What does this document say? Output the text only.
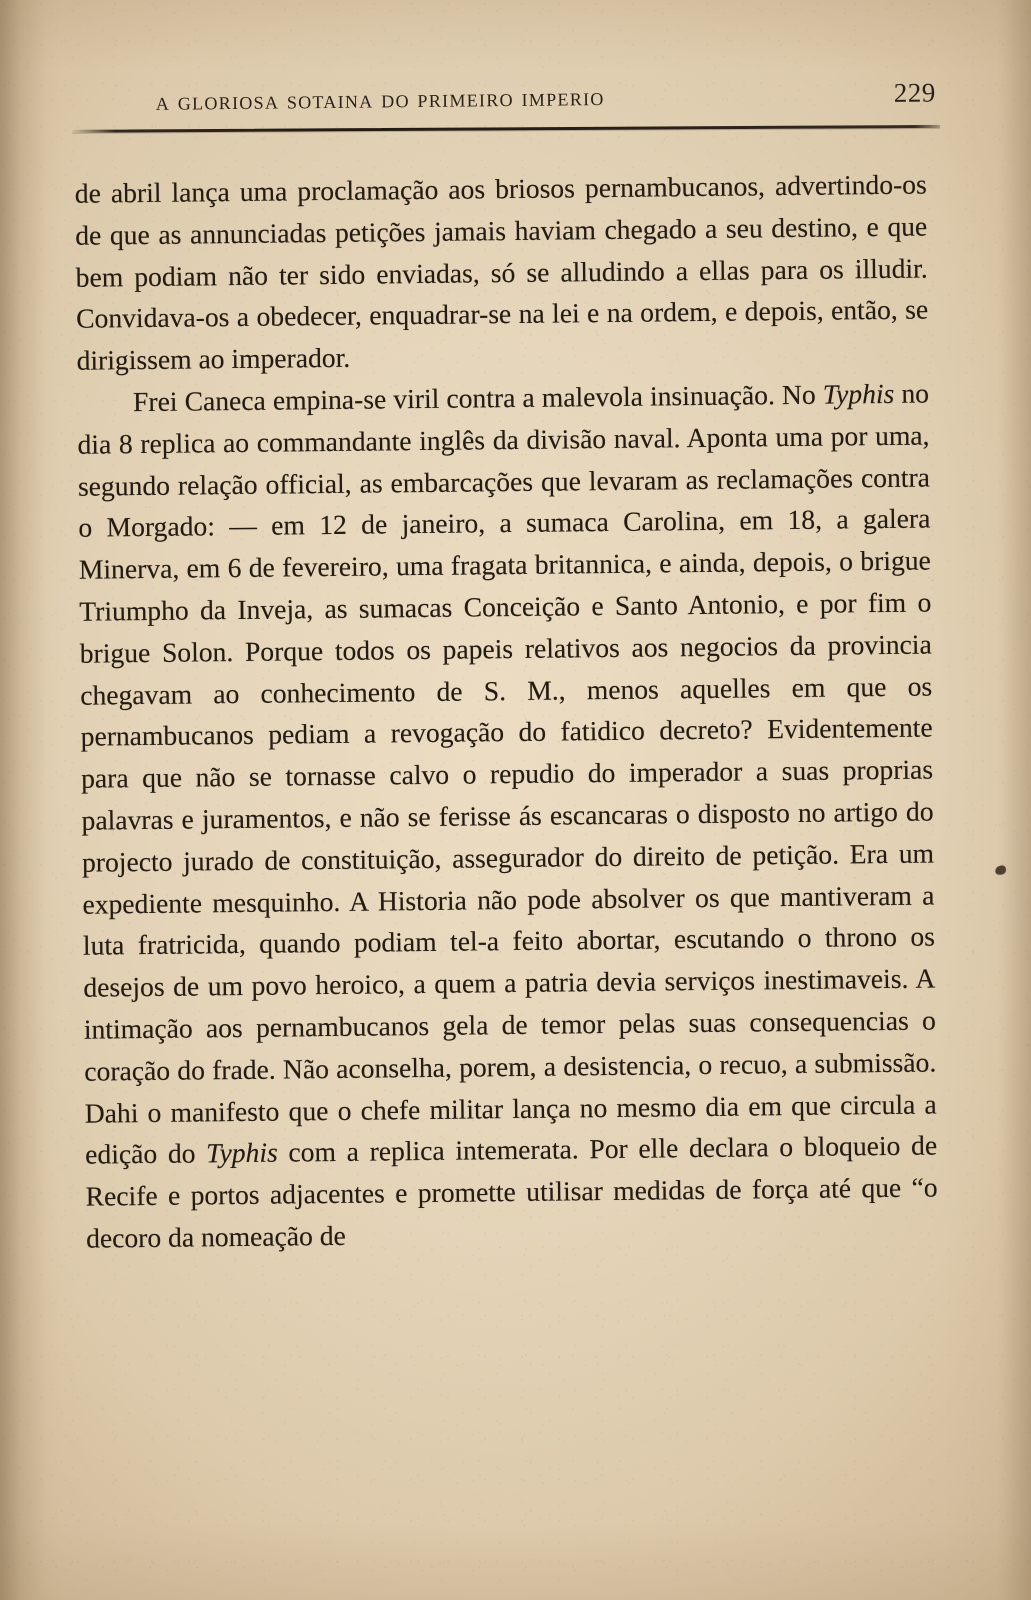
a gloriosa sotaina do primeiro imperio	229

de abril lança uma proclamação aos briosos pernambucanos, advertindo-os de que as annunciadas petições jamais haviam chegado a seu destino, e que bem podiam não ter sido enviadas, só se alludindo a ellas para os illudir. Convidava-os a obedecer, enquadrar-se na lei e na ordem, e depois, então, se dirigissem ao imperador.

Frei Caneca empina-se viril contra a malevola insinuação. No Typhis no dia 8 replica ao commandante inglês da divisão naval. Aponta uma por uma, segundo relação official, as embarcações que levaram as reclamações contra o Morgado: — em 12 de janeiro, a sumaca Carolina, em 18, a galera Minerva, em 6 de fevereiro, uma fragata britannica, e ainda, depois, o brigue Triumpho da Inveja, as sumacas Conceição e Santo Antonio, e por fim o brigue Solon. Porque todos os papeis relativos aos negocios da provincia chegavam ao conhecimento de S. M., menos aquelles em que os pernambucanos pediam a revogação do fatidico decreto? Evidentemente para que não se tornasse calvo o repudio do imperador a suas proprias palavras e juramentos, e não se ferisse ás escancaras o disposto no artigo do projecto jurado de constituição, assegurador do direito de petição. Era um expediente mesquinho. A Historia não pode absolver os que mantiveram a luta fratricida, quando podiam tel-a feito abortar, escutando o throno os desejos de um povo heroico, a quem a patria devia serviços inestimaveis. A intimação aos pernambucanos gela de temor pelas suas consequencias o coração do frade. Não aconselha, porem, a desistencia, o recuo, a submissão. Dahi o manifesto que o chefe militar lança no mesmo dia em que circula a edição do Typhis com a replica intemerata. Por elle declara o bloqueio de Recife e portos adjacentes e promette utilisar medidas de força até que “o decoro da nomeação de
